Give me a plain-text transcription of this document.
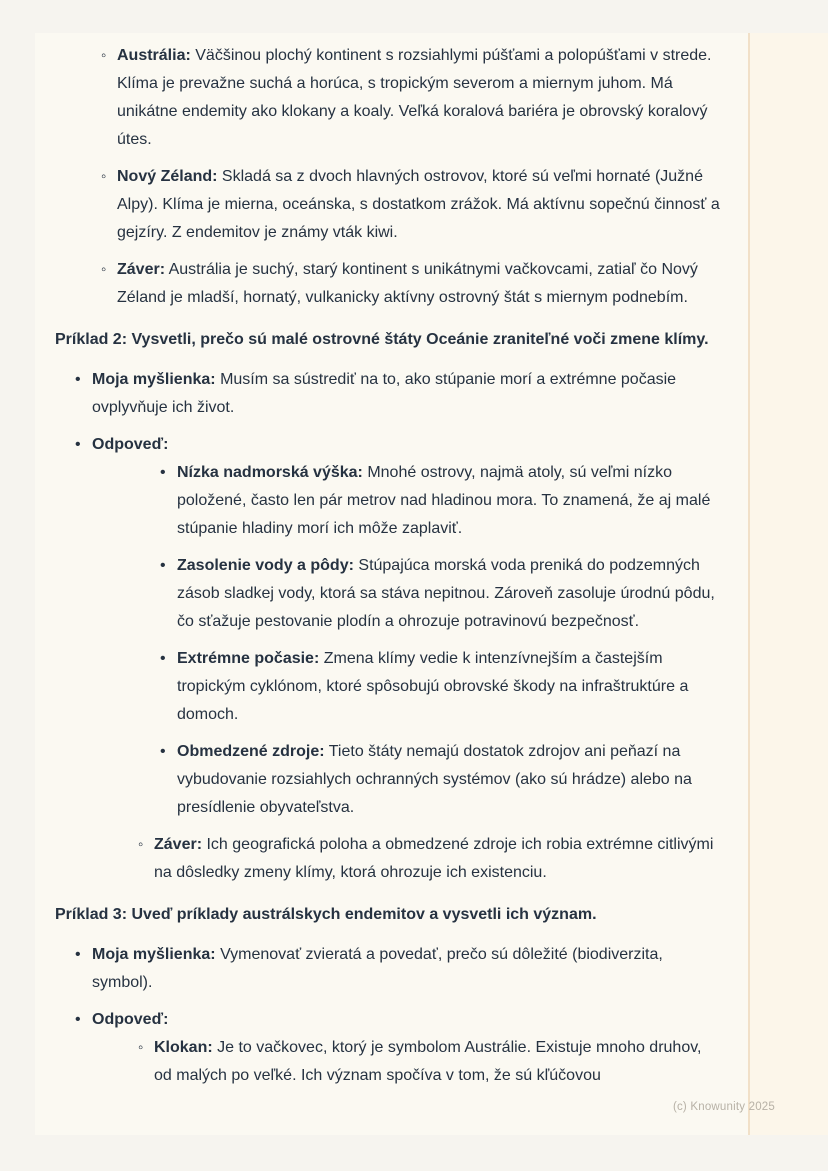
◦ Austrália: Väčšinou plochý kontinent s rozsiahlymi púšťami a polopúšťami v strede. Klíma je prevažne suchá a horúca, s tropickým severom a miernym juhom. Má unikátne endemity ako klokany a koaly. Veľká koralová bariéra je obrovský koralový útes.
◦ Nový Zéland: Skladá sa z dvoch hlavných ostrovov, ktoré sú veľmi hornaté (Južné Alpy). Klíma je mierna, oceánska, s dostatkom zrážok. Má aktívnu sopečnú činnosť a gejzíry. Z endemitov je známy vták kiwi.
◦ Záver: Austrália je suchý, starý kontinent s unikátnymi vačkovcami, zatiaľ čo Nový Zéland je mladší, hornatý, vulkanicky aktívny ostrovný štát s miernym podnebím.
Príklad 2: Vysvetli, prečo sú malé ostrovné štáty Oceánie zraniteľné voči zmene klímy.
• Moja myšlienka: Musím sa sústrediť na to, ako stúpanie morí a extrémne počasie ovplyvňuje ich život.
• Odpoveď:
• Nízka nadmorská výška: Mnohé ostrovy, najmä atoly, sú veľmi nízko položené, často len pár metrov nad hladinou mora. To znamená, že aj malé stúpanie hladiny morí ich môže zaplaviť.
• Zasolenie vody a pôdy: Stúpajúca morská voda preniká do podzemných zásob sladkej vody, ktorá sa stáva nepitnou. Zároveň zasoluje úrodnú pôdu, čo sťažuje pestovanie plodín a ohrozuje potravinovú bezpečnosť.
• Extrémne počasie: Zmena klímy vedie k intenzívnejším a častejším tropickým cyklónom, ktoré spôsobujú obrovské škody na infraštruktúre a domoch.
• Obmedzené zdroje: Tieto štáty nemajú dostatok zdrojov ani peňazí na vybudovanie rozsiahlych ochranných systémov (ako sú hrádze) alebo na presídlenie obyvateľstva.
◦ Záver: Ich geografická poloha a obmedzené zdroje ich robia extrémne citlivými na dôsledky zmeny klímy, ktorá ohrozuje ich existenciu.
Príklad 3: Uveď príklady austrálskych endemitov a vysvetli ich význam.
• Moja myšlienka: Vymenovať zvieratá a povedať, prečo sú dôležité (biodiverzita, symbol).
• Odpoveď:
◦ Klokan: Je to vačkovec, ktorý je symbolom Austrálie. Existuje mnoho druhov, od malých po veľké. Ich význam spočíva v tom, že sú kľúčovou
(c) Knowunity 2025
